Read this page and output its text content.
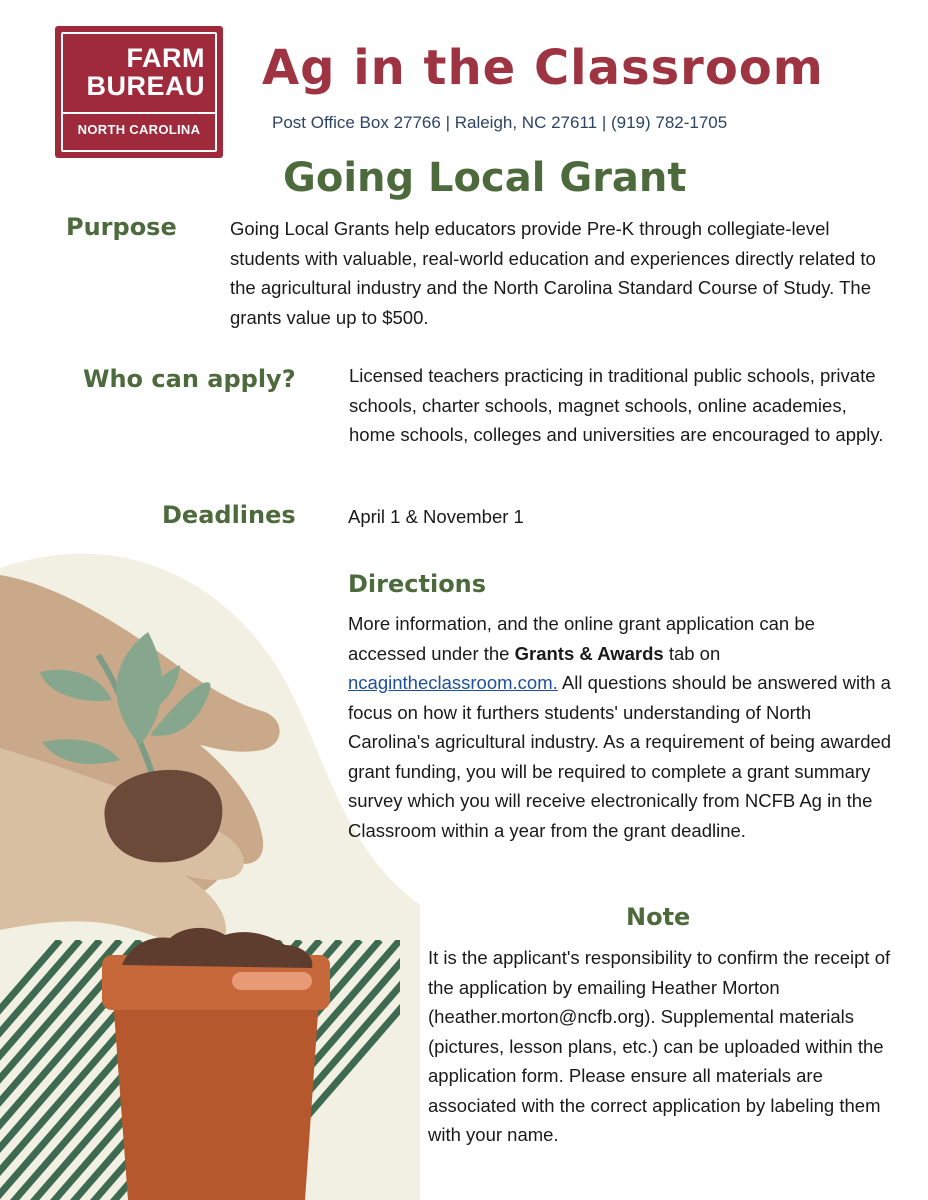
FARM
BUREAU
NORTH CAROLINA
Ag in the Classroom
Post Office Box 27766 | Raleigh, NC 27611 | (919) 782-1705
Going Local Grant
Purpose	Going Local Grants help educators provide Pre-K through collegiate-level students with valuable, real-world education and experiences directly related to the agricultural industry and the North Carolina Standard Course of Study. The grants value up to $500.

Who can apply?	Licensed teachers practicing in traditional public schools, private schools, charter schools, magnet schools, online academies, home schools, colleges and universities are encouraged to apply.

Deadlines	April 1 & November 1

Directions

More information, and the online grant application can be accessed under the Grants & Awards tab on ncagintheclassroom.com. All questions should be answered with a focus on how it furthers students' understanding of North Carolina's agricultural industry. As a requirement of being awarded grant funding, you will be required to complete a grant summary survey which you will receive electronically from NCFB Ag in the Classroom within a year from the grant deadline.

Note

It is the applicant's responsibility to confirm the receipt of the application by emailing Heather Morton (heather.morton@ncfb.org). Supplemental materials (pictures, lesson plans, etc.) can be uploaded within the application form. Please ensure all materials are associated with the correct application by labeling them with your name.
